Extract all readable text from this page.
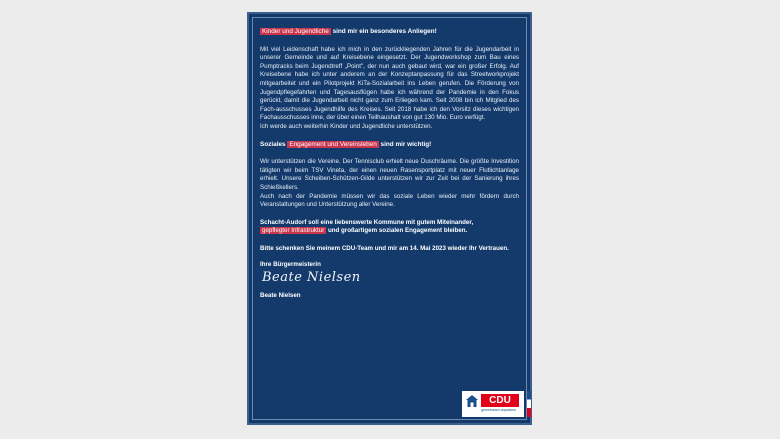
Kinder und Jugendliche sind mir ein besonderes Anliegen!

Mit viel Leidenschaft habe ich mich in den zurückliegenden Jahren für die Jugendarbeit in unserer Gemeinde und auf Kreisebene eingesetzt. Der Jugendworkshop zum Bau eines Pumptracks beim Jugendtreff „Point", der nun auch gebaut wird, war ein großer Erfolg. Auf Kreisebene habe ich unter anderem an der Konzeptanpassung für das Streetworkprojekt mitgearbeitet und ein Pilotprojekt KiTa-Sozialarbeit ins Leben gerufen. Die Förderung von Jugendpflegefahrten und Tagesausflügen habe ich während der Pandemie in den Fokus gerückt, damit die Jugendarbeit nicht ganz zum Erliegen kam. Seit 2008 bin ich Mitglied des Fach-ausschusses Jugendhilfe des Kreises. Seit 2018 habe ich den Vorsitz dieses wichtigen Fachausschusses inne, der über einen Teilhaushalt von gut 130 Mio. Euro verfügt.

Ich werde auch weiterhin Kinder und Jugendliche unterstützen.

Soziales Engagement und Vereinsleben sind mir wichtig!

Wir unterstützen die Vereine. Der Tennisclub erhielt neue Duschräume. Die größte Investition tätigten wir beim TSV Vineta, der einen neuen Rasensportplatz mit neuer Flutlichtanlage erhielt. Unsere Scheiben-Schützen-Gilde unterstützen wir zur Zeit bei der Sanierung ihres Schießkellers.

Auch nach der Pandemie müssen wir das soziale Leben wieder mehr fördern durch Veranstaltungen und Unterstützung aller Vereine.

Schacht-Audorf soll eine liebenswerte Kommune mit gutem Miteinander,
gepflegter Infrastruktur und großartigem sozialen Engagement bleiben.

Bitte schenken Sie meinem CDU-Team und mir am 14. Mai 2023 wieder Ihr Vertrauen.

Ihre Bürgermeisterin
Beate Nielsen
Beate Nielsen
CDU
gemeinsam anpacken
